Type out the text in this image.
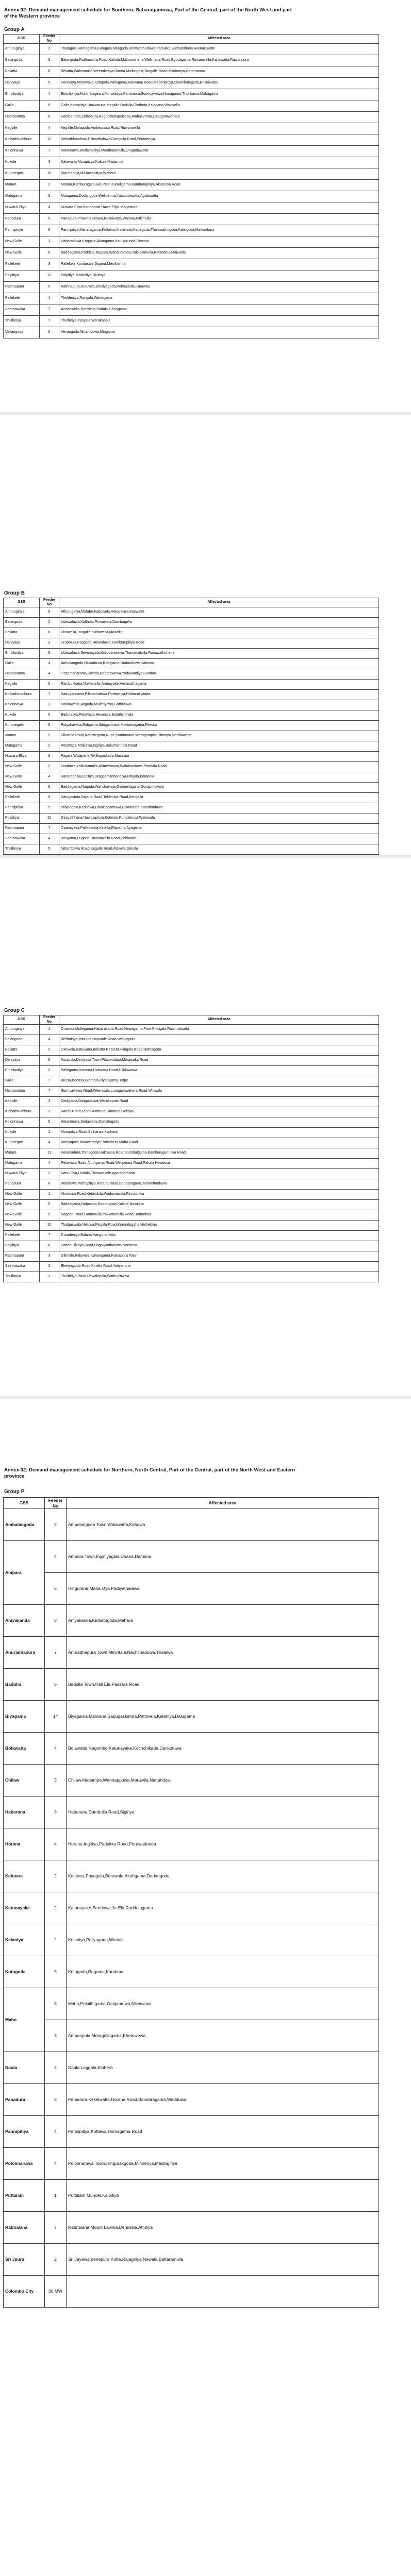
Annex 02: Demand management schedule for Southern, Sabaragamuwa, Part of the Central, part of the North West and part of the Western province
Group A
GSS	Feeder No	Affected area
Athurugiriya	2	Thalagala,Homagama,Kurugala,Meegoda,Kiriwaththuduwa,Padukka,Sudharshana Avenue,Kotte
Balangoda	5	Balangoda,Rathnapura Road,Kaltota,Muthuwahena,Welimada Road,Egodagama,Ruwanwella,Kahawatta,Ruwanpura
Beliatta	8	Beliatta,Walasmulla,Weeraketiya,Ranna,Mulkirigala,Tangalle Road,Middeniya,Getamanna
Deniyaya	5	Deniyaya,Morawaka,Kotapola,Pallegama,Rakwana Road,Mederipitiya,Siyambalagoda,Enselwatta
Embilipitiya	4	Embilipitiya,Kolambageara,Moraketiya,Panamura,Sooriyawewa,Nonagama,Thunkama,Mahagama
Galle	9	Galle,Karapitiya,Unawatuna,Magalle,Dadalla,Ginthota,Kalegana,Wakwella
Hambantota	6	Hambantota,Siribopura,Angunakolapelessa,Ambalantota,Lunugamwehera
Kegalle	4	Kegalle,Molagoda,Ambepussa Road,Ruwanwella
Kiribathkumbura	12	Kiribathkumbura,Pilimathalawa,Gampola Road,Peradeniya
Kolonnawa	7	Kolonnawa,Wellampitiya,Meethotamulla,Orugodawatta
Kukule	3	Kalawana,Morapitiya,Kukule,Madampe
Kurunegala	10	Kurunegala,Mallawapitiya,Wehera
Matara	2	Matara,Kamburugamuwa,Pelena,Weligama,Kamburupitiya,Akuressa Road
Matugama	5	Matugama,Dodangoda,Welipenna,Yatadolawatta,Agalawatta
Nuwara Eliya	4	Nuwara Eliya,Kandapola,Hawa Eliya,Magastota
Panadura	5	Panadura,Pinwatta,Hirana,Keselwatta,Walana,Pallimulla
Pannipitiya	6	Pannipitiya,Maharagama,Kottawa,Arawwala,Mattegoda,Thalawathugoda,Kalalgoda,Makumbura
New Galle	3	Habaraduwa,Koggala,Ahangama,Katukurunda,Dewata
New Galle	6	Baddegama,Poddala,Nagoda,Wanduramba,Yakkalamulla,Ketandola,Malwatta
Pallekele	3	Pallekele,Kundasale,Digana,Menikhinna
Polpitiya	12	Polpitiya,Maskeliya,Dickoya
Rathnapura	5	Rathnapura,Kuruwita,Eheliyagoda,Pelmadulla,Karawita
Pallekele	4	Theldeniya,Rangala,Wattegama
Seethawaka	7	Avissawella,Hanwella,Padukka,Kosgama
Thulhiriya	7	Thulhiriya,Pasyala,Warakapola
Veyangoda	6	Veyangoda,Nittambuwa,Mirigama
Group B
GSS	Feeder No	Affected area
Athurugiriya	6	Athurugiriya,Malabe,Kaduwela,Hokandara,Koswatta
Balangoda	2	Udawalawa,Kalthota,Pinnawala,Dambagolla
Beliatta	6	Dickwella,Tangalle,Kudawella,Mawella
Deniyaya	2	Urubokka,Pasgoda,Hulandawa,Kamburupitiya Road
Embilipitiya	6	Udawalawa,Sevanagala,Kiriibbanwewa,Thanamalwila,Ranawathuhena
Galle	4	Ambalangoda,Hikkaduwa,Rathgama,Dodanduwa,Kahawa
Hambantota	4	Tissamaharama,Kirinda,Debarawewa,Yodakandiya,Bundala
Kegalle	6	Rambukkana,Mawanella,Aranayake,Hemmathagama
Kiribathkumbura	7	Kadugannawa,Pilimathalawa,Pottepitiya,Hatharaliyadda
Kolonnawa	3	Kotikawatta,Angoda,Mulleriyawa,Gothatuwa
Kukule	5	Baduraliya,Pelawatta,Hewessa,Bulathsinhala
Kurunegala	8	Polgahawela,Ridigama,Ibbagamuwa,Mawathagama,Pilessa
Matara	9	Dikwella Road,Kotuwegoda,Nupe,Pamburana,Weragampita,Hittatiya,Meddawatta
Matugama	2	Pelawatta,Molkawa,Ingiriya,Bulathsinhala Road
Nuwara Eliya	6	Ragala,Walapane,Rikillagaskada,Maturata
New Galle	2	Imaduwa,Yakkalamulla,Akmeemana,Walahanduwa,Poddala Road
New Galle	4	Karandeniya,Elpitiya,Uragasmanhandiya,Pitigala,Batapola
New Galle	8	Baddegama,Nagoda,Wanchawala,Ginimellagaha,Gonapinuwala
Pallekele	9	Katugastota,Digana Road,Teldeniya Road,Kengalla
Pannipitiya	5	Piliyandala,Kesbewa,Boralesgamuwa,Bokundara,Kahathuduwa
Polpitiya	10	Ginigathhena,Nawalapitiya,Kotmale,Pundaluoya,Watawala
Rathnapura	7	Opanayaka,Pallebedda,Kiriella,Elapatha,Ayagama
Seethawaka	4	Kosgama,Pugoda,Ruwanwella Road,Dehiowita
Thulhiriya	5	Nittambuwa Road,Kegalle Road,Alawwa,Giriulla

Group C
GSS	Feeder No	Affected area
Athurugiriya	1	Oruwala,Mullegama,Habarakada Road,Hewagama,Pore,Pittugala,Rajamalwatta
Balangoda	4	Belihuloya,Imbulpe,Haputale Road,Weligepola
Beliatta	2	Okewela,Katuwana,Beliatta Road,Mulkirigala Road,Hathagoda
Deniyaya	6	Kotapola,Deniyaya Town,Pitabeddara,Morawaka Road
Embilipitiya	2	Pallegama,Kolonna,Rakwana Road,Ulliduwawa
Galle	7	Bussa,Boossa,Ginthota,Piyadigama,Talpe
Hambantota	7	Sooriyawewa Road,Weerawila,Lunugamwehera Road,Wirawila
Kegalle	3	Dedigama,Galigamuwa,Warakapola Road
Kiribathkumbura	3	Kandy Road,Tennekumbura,Hantana,Gelioya
Kolonnawa	5	Kelanimulla,Sedawatta,Dematagoda
Kukule	2	Morapitiya Road,Sinharaja,Kudawa
Kurunegala	4	Wariyapola,Nikaweratiya,Pothuhera,Maho Road
Matara	11	Kekanadura,Thihagoda,Hakmana Road,Kumbalgama,Kamburugamuwa Road
Matugama	4	Pelawatta Road,Aluthgama Road,Welipenna Road,Pahala Hewessa
Nuwara Eliya	2	Nanu Oya,Lindula,Thalawakele,Agarapathana
Panadura	6	Wadduwa,Pothupitiya,Horana Road,Bandaragama,Moronthuduwa
New Galle	1	Akuressa Road,Ketandola,Waduwawala,Pinnaduwa
New Galle	5	Baddegama,Halpatota,Dodangoda,Kalahe,Nawinna
New Galle	9	Nagoda Road,Gonamulla,Yakkalamulla Road,Homadola
New Galle	10	Thalgaswala,Neluwa,Pitigala Road,Kurundugaha Hethekma
Pallekele	7	Gurudeniya,Balana,Hanguranketa
Polpitiya	8	Hatton,Dikoya Road,Bogawanthalawa,Norwood
Rathnapura	3	Gilimale,Palawela,Kahangama,Ratnapura Town
Seethawaka	2	Eheliyagoda Road,Kiriella Road,Yatiyantota
Thulhiriya	3	Thulhiriya Road,Dewalapola,Wathupitiwala
Annex 02: Demand management schedule for Northern, North Central, Part of the Central, part of the North West and Eastern province
Group P
GSS	Feeder No	Affected area
Ambalangoda	2	Ambalangoda Town,Walawatta,Kahawa
Ampara	4	Ampara Town,Inginiyagala,Uhana,Damana
	6	Hingurana,Maha Oya,Padiyathalawa
Aniyakanda	8	Aniyakanda,Kiribathgoda,Mahara
Anuradhapura	7	Anuradhapura Town,Mihintale,Nachchaduwa,Thalawa
Badulla	6	Badulla Town,Hali Ela,Passara Road
Biyagama	14	Biyagama,Malwana,Sapugaskanda,Pattiwela,Kelaniya,Dalugama
Bolawatta	4	Bolawatta,Negombo,Katunayake,Kochchikade,Dankotuwa
Chilaw	5	Chilaw,Madampe,Wennappuwa,Marawila,Nattandiya
Habarana	3	Habarana,Dambulla Road,Sigiriya
Horana	4	Horana,Ingiriya,Padukka Road,Poruwadanda
Kalutara	2	Kalutara,Payagala,Beruwala,Aluthgama,Dodangoda
Katunayake	2	Katunayake,Seeduwa,Ja-Ela,Raddolugama
Kelaniya	2	Kelaniya,Peliyagoda,Wattala
Kotugoda	5	Kotugoda,Ragama,Kandana
Maho	8	Maho,Polpithigama,Galgamuwa,Nikawewa
	3	Ambanpola,Moragollagama,Ehetuwewa
Naula	2	Naula,Laggala,Elahera
Panadura	8	Panadura,Keselwatta,Horana Road,Bandaragama,Wadduwa
Pannipitiya	4	Pannipitiya,Kottawa,Homagama Road
Polonnaruwa	4	Polonnaruwa Town,Hingurakgoda,Minneriya,Medirigiriya
Puttalam	1	Puttalam,Mundel,Kalpitiya
Ratmalana	7	Ratmalana,Mount Lavinia,Dehiwala,Attidiya
Sri Jpura	2	Sri Jayawardenepura Kotte,Rajagiriya,Nawala,Battaramulla
Colombo City	50 MW	
